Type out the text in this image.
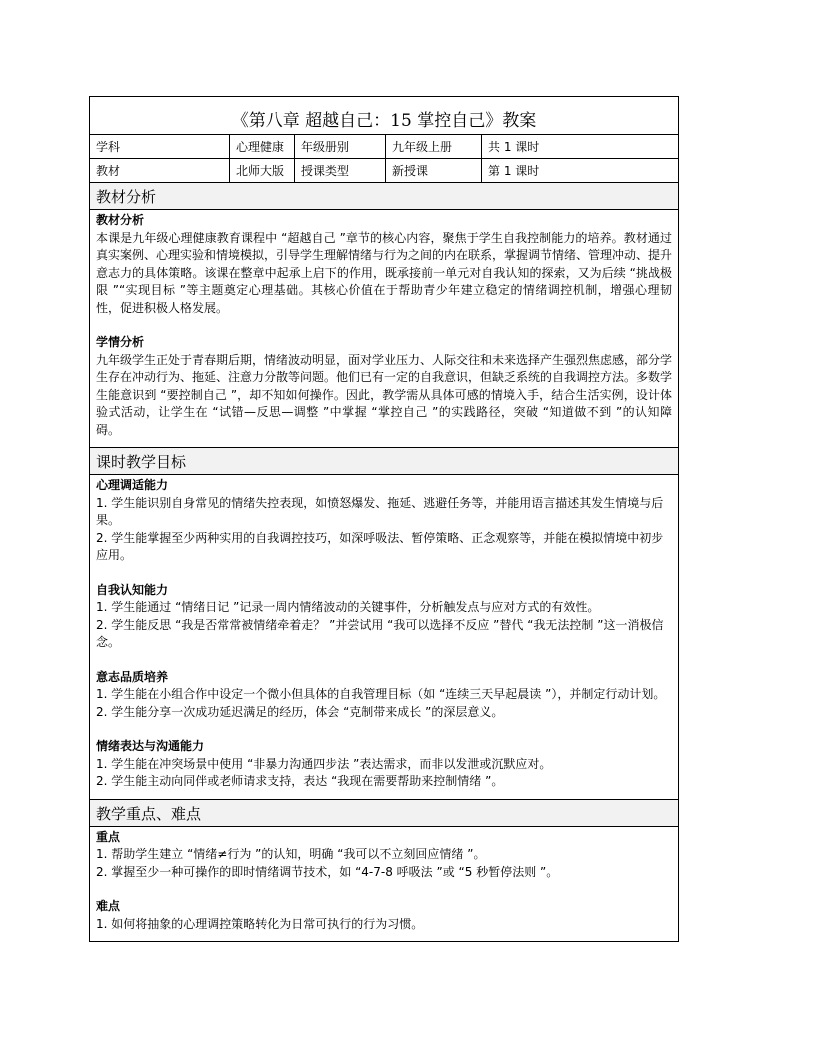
《第八章 超越自己：15 掌控自己》教案
学科	心理健康	年级册别	九年级上册	共 1 课时
教材	北师大版	授课类型	新授课	第 1 课时
教材分析
教材分析

本课是九年级心理健康教育课程中 “超越自己 ”章节的核心内容，聚焦于学生自我控制能力的培养。教材通过真实案例、心理实验和情境模拟，引导学生理解情绪与行为之间的内在联系，掌握调节情绪、管理冲动、提升意志力的具体策略。该课在整章中起承上启下的作用，既承接前一单元对自我认知的探索，又为后续 “挑战极限 ”“实现目标 ”等主题奠定心理基础。其核心价值在于帮助青少年建立稳定的情绪调控机制，增强心理韧性，促进积极人格发展。

学情分析

九年级学生正处于青春期后期，情绪波动明显，面对学业压力、人际交往和未来选择产生强烈焦虑感，部分学生存在冲动行为、拖延、注意力分散等问题。他们已有一定的自我意识，但缺乏系统的自我调控方法。多数学生能意识到 “要控制自己 ”，却不知如何操作。因此，教学需从具体可感的情境入手，结合生活实例，设计体验式活动，让学生在 “试错—反思—调整 ”中掌握 “掌控自己 ”的实践路径，突破 “知道做不到 ”的认知障碍。

课时教学目标
心理调适能力
1. 学生能识别自身常见的情绪失控表现，如愤怒爆发、拖延、逃避任务等，并能用语言描述其发生情境与后果。
2. 学生能掌握至少两种实用的自我调控技巧，如深呼吸法、暂停策略、正念观察等，并能在模拟情境中初步应用。
自我认知能力
1. 学生能通过 “情绪日记 ”记录一周内情绪波动的关键事件，分析触发点与应对方式的有效性。
2. 学生能反思 “我是否常常被情绪牵着走？ ”并尝试用 “我可以选择不反应 ”替代 “我无法控制 ”这一消极信念。
意志品质培养
1. 学生能在小组合作中设定一个微小但具体的自我管理目标（如 “连续三天早起晨读 ”），并制定行动计划。
2. 学生能分享一次成功延迟满足的经历，体会 “克制带来成长 ”的深层意义。
情绪表达与沟通能力
1. 学生能在冲突场景中使用 “非暴力沟通四步法 ”表达需求，而非以发泄或沉默应对。
2. 学生能主动向同伴或老师请求支持，表达 “我现在需要帮助来控制情绪 ”。
教学重点、难点
重点
1. 帮助学生建立 “情绪≠行为 ”的认知，明确 “我可以不立刻回应情绪 ”。
2. 掌握至少一种可操作的即时情绪调节技术，如 “4-7-8 呼吸法 ”或 “5 秒暂停法则 ”。
难点
1. 如何将抽象的心理调控策略转化为日常可执行的行为习惯。
